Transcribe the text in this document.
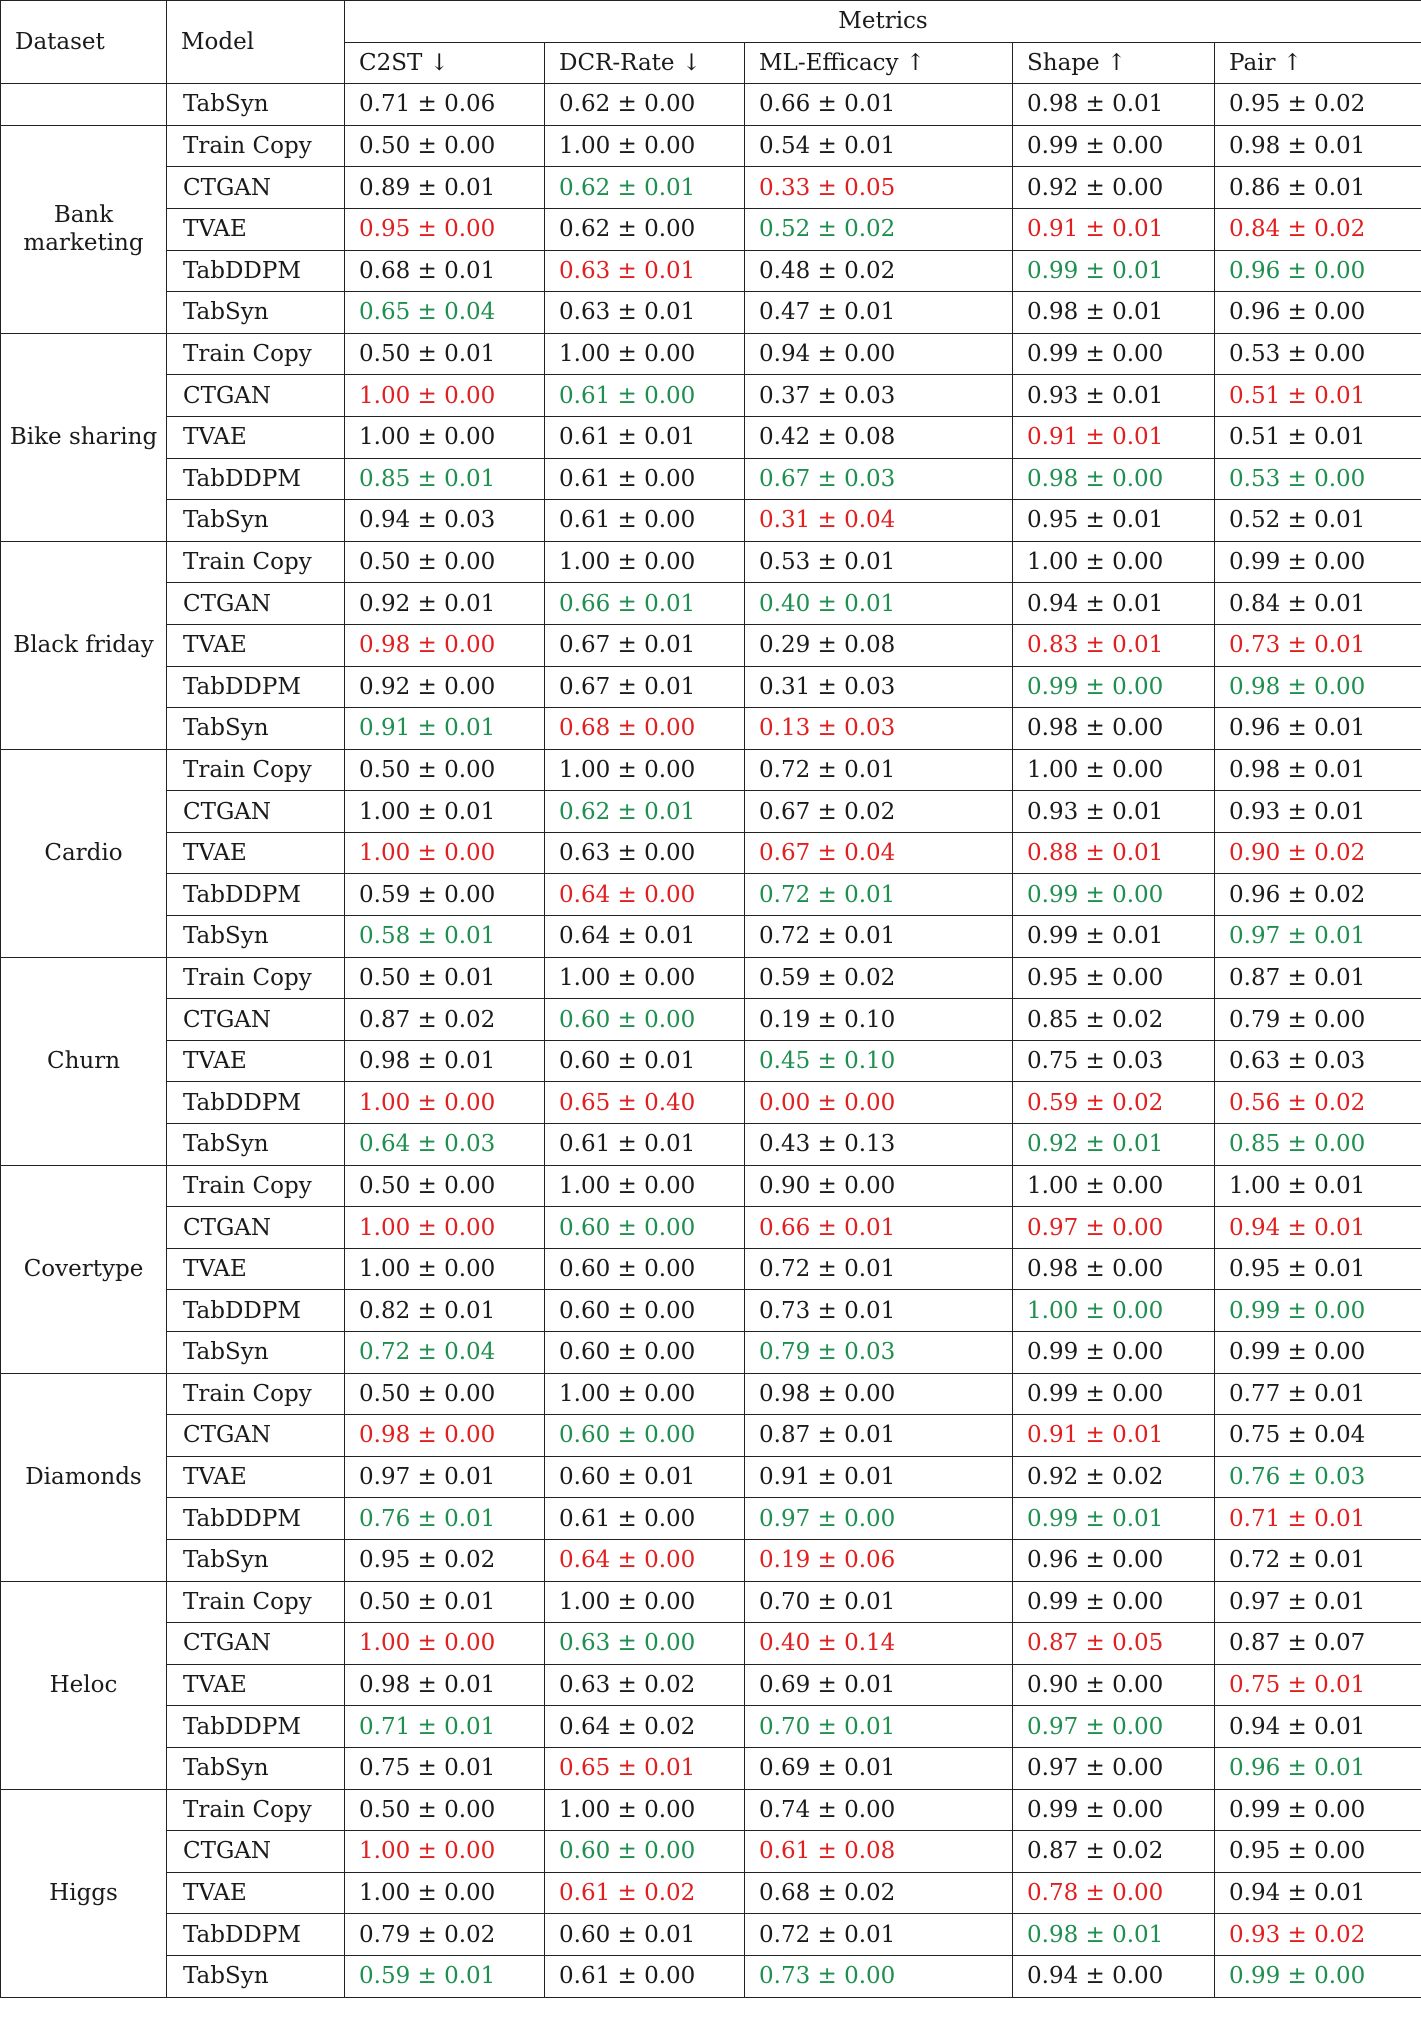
Dataset	Model	Metrics				
		C2ST ↓	DCR-Rate ↓	ML-Efficacy ↑	Shape ↑	Pair ↑
	TabSyn	0.71 ± 0.06	0.62 ± 0.00	0.66 ± 0.01	0.98 ± 0.01	0.95 ± 0.02
Bank marketing	Train Copy	0.50 ± 0.00	1.00 ± 0.00	0.54 ± 0.01	0.99 ± 0.00	0.98 ± 0.01
	CTGAN	0.89 ± 0.01	0.62 ± 0.01	0.33 ± 0.05	0.92 ± 0.00	0.86 ± 0.01
	TVAE	0.95 ± 0.00	0.62 ± 0.00	0.52 ± 0.02	0.91 ± 0.01	0.84 ± 0.02
	TabDDPM	0.68 ± 0.01	0.63 ± 0.01	0.48 ± 0.02	0.99 ± 0.01	0.96 ± 0.00
	TabSyn	0.65 ± 0.04	0.63 ± 0.01	0.47 ± 0.01	0.98 ± 0.01	0.96 ± 0.00
Bike sharing	Train Copy	0.50 ± 0.01	1.00 ± 0.00	0.94 ± 0.00	0.99 ± 0.00	0.53 ± 0.00
	CTGAN	1.00 ± 0.00	0.61 ± 0.00	0.37 ± 0.03	0.93 ± 0.01	0.51 ± 0.01
	TVAE	1.00 ± 0.00	0.61 ± 0.01	0.42 ± 0.08	0.91 ± 0.01	0.51 ± 0.01
	TabDDPM	0.85 ± 0.01	0.61 ± 0.00	0.67 ± 0.03	0.98 ± 0.00	0.53 ± 0.00
	TabSyn	0.94 ± 0.03	0.61 ± 0.00	0.31 ± 0.04	0.95 ± 0.01	0.52 ± 0.01
Black friday	Train Copy	0.50 ± 0.00	1.00 ± 0.00	0.53 ± 0.01	1.00 ± 0.00	0.99 ± 0.00
	CTGAN	0.92 ± 0.01	0.66 ± 0.01	0.40 ± 0.01	0.94 ± 0.01	0.84 ± 0.01
	TVAE	0.98 ± 0.00	0.67 ± 0.01	0.29 ± 0.08	0.83 ± 0.01	0.73 ± 0.01
	TabDDPM	0.92 ± 0.00	0.67 ± 0.01	0.31 ± 0.03	0.99 ± 0.00	0.98 ± 0.00
	TabSyn	0.91 ± 0.01	0.68 ± 0.00	0.13 ± 0.03	0.98 ± 0.00	0.96 ± 0.01
Cardio	Train Copy	0.50 ± 0.00	1.00 ± 0.00	0.72 ± 0.01	1.00 ± 0.00	0.98 ± 0.01
	CTGAN	1.00 ± 0.01	0.62 ± 0.01	0.67 ± 0.02	0.93 ± 0.01	0.93 ± 0.01
	TVAE	1.00 ± 0.00	0.63 ± 0.00	0.67 ± 0.04	0.88 ± 0.01	0.90 ± 0.02
	TabDDPM	0.59 ± 0.00	0.64 ± 0.00	0.72 ± 0.01	0.99 ± 0.00	0.96 ± 0.02
	TabSyn	0.58 ± 0.01	0.64 ± 0.01	0.72 ± 0.01	0.99 ± 0.01	0.97 ± 0.01
Churn	Train Copy	0.50 ± 0.01	1.00 ± 0.00	0.59 ± 0.02	0.95 ± 0.00	0.87 ± 0.01
	CTGAN	0.87 ± 0.02	0.60 ± 0.00	0.19 ± 0.10	0.85 ± 0.02	0.79 ± 0.00
	TVAE	0.98 ± 0.01	0.60 ± 0.01	0.45 ± 0.10	0.75 ± 0.03	0.63 ± 0.03
	TabDDPM	1.00 ± 0.00	0.65 ± 0.40	0.00 ± 0.00	0.59 ± 0.02	0.56 ± 0.02
	TabSyn	0.64 ± 0.03	0.61 ± 0.01	0.43 ± 0.13	0.92 ± 0.01	0.85 ± 0.00
Covertype	Train Copy	0.50 ± 0.00	1.00 ± 0.00	0.90 ± 0.00	1.00 ± 0.00	1.00 ± 0.01
	CTGAN	1.00 ± 0.00	0.60 ± 0.00	0.66 ± 0.01	0.97 ± 0.00	0.94 ± 0.01
	TVAE	1.00 ± 0.00	0.60 ± 0.00	0.72 ± 0.01	0.98 ± 0.00	0.95 ± 0.01
	TabDDPM	0.82 ± 0.01	0.60 ± 0.00	0.73 ± 0.01	1.00 ± 0.00	0.99 ± 0.00
	TabSyn	0.72 ± 0.04	0.60 ± 0.00	0.79 ± 0.03	0.99 ± 0.00	0.99 ± 0.00
Diamonds	Train Copy	0.50 ± 0.00	1.00 ± 0.00	0.98 ± 0.00	0.99 ± 0.00	0.77 ± 0.01
	CTGAN	0.98 ± 0.00	0.60 ± 0.00	0.87 ± 0.01	0.91 ± 0.01	0.75 ± 0.04
	TVAE	0.97 ± 0.01	0.60 ± 0.01	0.91 ± 0.01	0.92 ± 0.02	0.76 ± 0.03
	TabDDPM	0.76 ± 0.01	0.61 ± 0.00	0.97 ± 0.00	0.99 ± 0.01	0.71 ± 0.01
	TabSyn	0.95 ± 0.02	0.64 ± 0.00	0.19 ± 0.06	0.96 ± 0.00	0.72 ± 0.01
Heloc	Train Copy	0.50 ± 0.01	1.00 ± 0.00	0.70 ± 0.01	0.99 ± 0.00	0.97 ± 0.01
	CTGAN	1.00 ± 0.00	0.63 ± 0.00	0.40 ± 0.14	0.87 ± 0.05	0.87 ± 0.07
	TVAE	0.98 ± 0.01	0.63 ± 0.02	0.69 ± 0.01	0.90 ± 0.00	0.75 ± 0.01
	TabDDPM	0.71 ± 0.01	0.64 ± 0.02	0.70 ± 0.01	0.97 ± 0.00	0.94 ± 0.01
	TabSyn	0.75 ± 0.01	0.65 ± 0.01	0.69 ± 0.01	0.97 ± 0.00	0.96 ± 0.01
Higgs	Train Copy	0.50 ± 0.00	1.00 ± 0.00	0.74 ± 0.00	0.99 ± 0.00	0.99 ± 0.00
	CTGAN	1.00 ± 0.00	0.60 ± 0.00	0.61 ± 0.08	0.87 ± 0.02	0.95 ± 0.00
	TVAE	1.00 ± 0.00	0.61 ± 0.02	0.68 ± 0.02	0.78 ± 0.00	0.94 ± 0.01
	TabDDPM	0.79 ± 0.02	0.60 ± 0.01	0.72 ± 0.01	0.98 ± 0.01	0.93 ± 0.02
	TabSyn	0.59 ± 0.01	0.61 ± 0.00	0.73 ± 0.00	0.94 ± 0.00	0.99 ± 0.00
